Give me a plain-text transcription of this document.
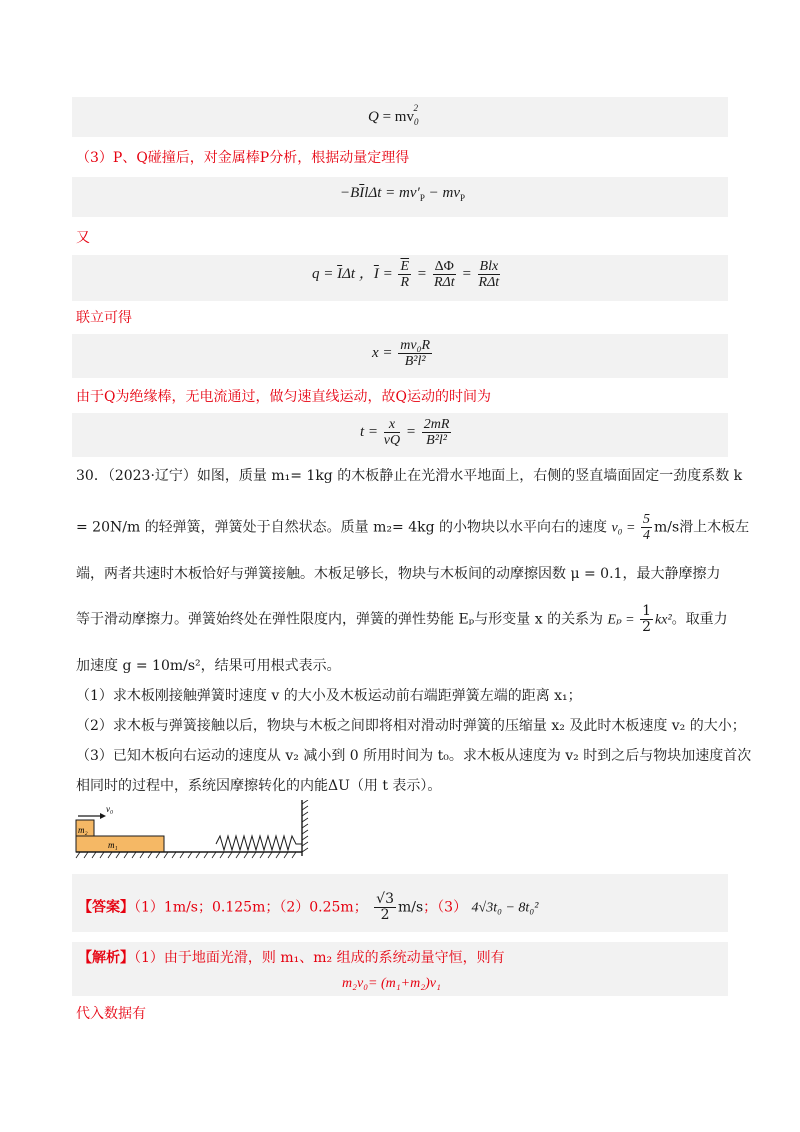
$Q = mv_0^2$
（3）P、Q碰撞后，对金属棒P分析，根据动量定理得
$-B\overline{I}l\Delta t = mv'_P - mv_P$
又
$q = \overline{I}\Delta t$ ，$\overline{I} = \frac{\overline{E}}{R} = \frac{\Delta\Phi}{\text{RΔt}} = \frac{\text{Blx}}{\text{RΔt}}$
联立可得
$x = \frac{\text{mv₀R}}{\text{B²l²}}$
由于Q为绝缘棒，无电流通过，做匀速直线运动，故Q运动的时间为
$t = \frac{x}{vQ} = \frac{2mR}{\text{B²l²}}$
30．（2023·辽宁）如图，质量 m₁= 1kg 的木板静止在光滑水平地面上，右侧的竖直墙面固定一劲度系数 k
= 20N/m 的轻弹簧，弹簧处于自然状态。质量 m₂= 4kg 的小物块以水平向右的速度 $v_0 = \frac{5}{4} m/s$滑上木板左
端，两者共速时木板恰好与弹簧接触。木板足够长，物块与木板间的动摩擦因数 μ = 0.1，最大静摩擦力
等于滑动摩擦力。弹簧始终处在弹性限度内，弹簧的弹性势能 Eₚ与形变量 x 的关系为 $E_p = \frac{1}{2} kx^2$。取重力
加速度 g = 10m/s²，结果可用根式表示。
（1）求木板刚接触弹簧时速度 v 的大小及木板运动前右端距弹簧左端的距离 x₁；
（2）求木板与弹簧接触以后，物块与木板之间即将相对滑动时弹簧的压缩量 x₂ 及此时木板速度 v₂ 的大小；
（3）已知木板向右运动的速度从 v₂ 减小到 0 所用时间为 t₀。求木板从速度为 v₂ 时到之后与物块加速度首次
相同时的过程中，系统因摩擦转化的内能ΔU（用 t 表示）。
v₀
m₂
m₁
【答案】（1）1m/s；0.125m；（2）0.25m； $\frac{√3}{2} m/s$；（3） 4√3t₀ − 8t₀²
【解析】（1）由于地面光滑，则 m₁、m₂ 组成的系统动量守恒，则有
m₂v₀= (m₁+m₂)v₁
代入数据有
